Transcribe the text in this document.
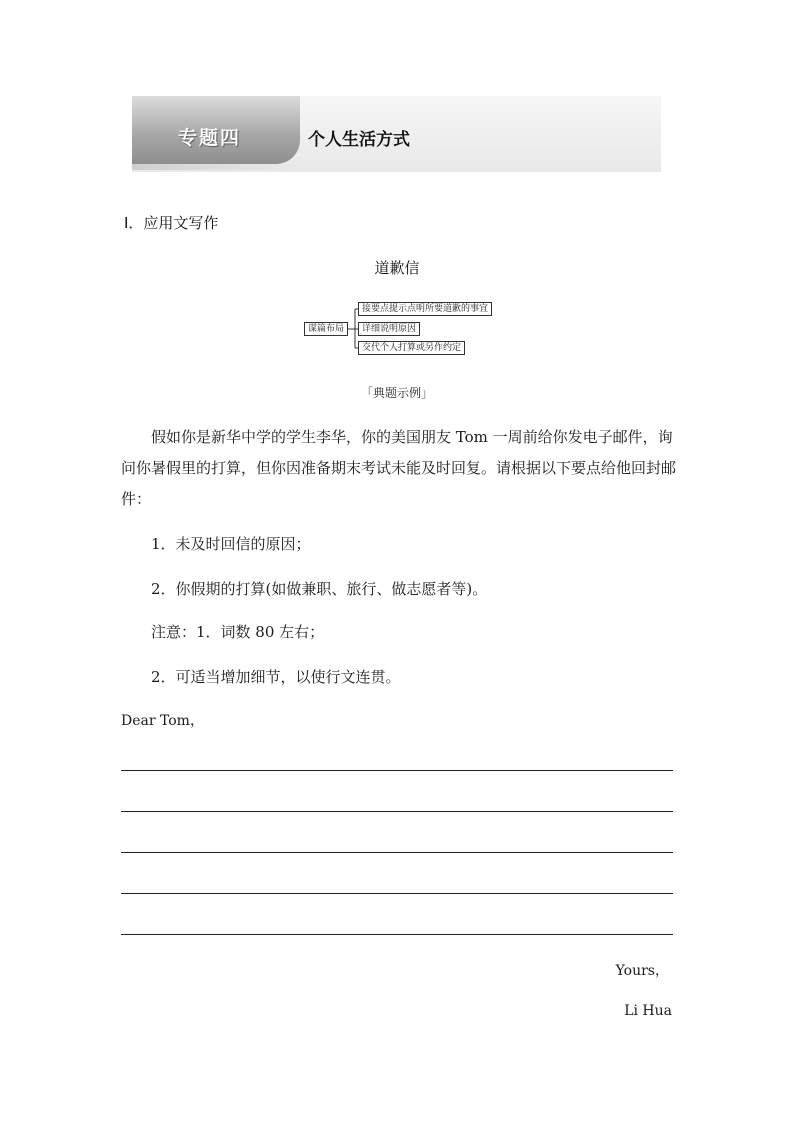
专题四	个人生活方式
Ⅰ．应用文写作
道歉信
谋篇布局
接要点提示点明所要道歉的事宜
详细说明原因
交代个人打算或另作约定
「典题示例」
假如你是新华中学的学生李华，你的美国朋友 Tom 一周前给你发电子邮件，询问你暑假里的打算，但你因准备期末考试未能及时回复。请根据以下要点给他回封邮件：
1．未及时回信的原因；
2．你假期的打算(如做兼职、旅行、做志愿者等)。
注意：1．词数 80 左右；
2．可适当增加细节，以使行文连贯。
Dear Tom，
Yours，
Li Hua
